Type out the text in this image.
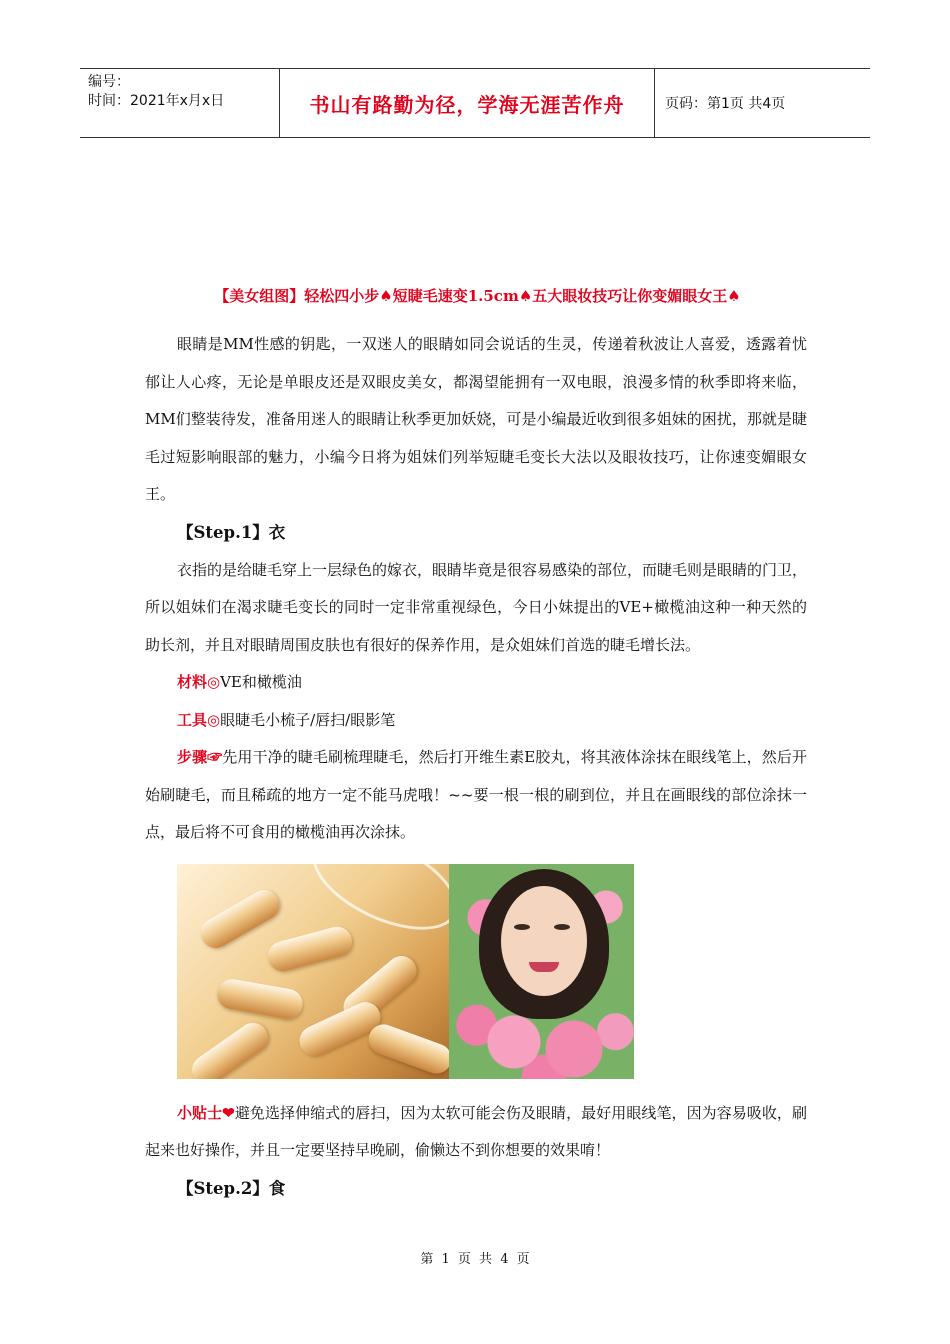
编号：
时间：2021年x月x日	书山有路勤为径，学海无涯苦作舟	页码：第1页 共4页
【美女组图】轻松四小步♠短睫毛速变1.5cm♠五大眼妆技巧让你变媚眼女王♠

眼睛是MM性感的钥匙，一双迷人的眼睛如同会说话的生灵，传递着秋波让人喜爱，透露着忧郁让人心疼，无论是单眼皮还是双眼皮美女，都渴望能拥有一双电眼，浪漫多情的秋季即将来临，MM们整装待发，准备用迷人的眼睛让秋季更加妖娆，可是小编最近收到很多姐妹的困扰，那就是睫毛过短影响眼部的魅力，小编今日将为姐妹们列举短睫毛变长大法以及眼妆技巧，让你速变媚眼女王。

【Step.1】衣

衣指的是给睫毛穿上一层绿色的嫁衣，眼睛毕竟是很容易感染的部位，而睫毛则是眼睛的门卫，所以姐妹们在渴求睫毛变长的同时一定非常重视绿色，今日小妹提出的VE+橄榄油这种一种天然的助长剂，并且对眼睛周围皮肤也有很好的保养作用，是众姐妹们首选的睫毛增长法。

材料◎VE和橄榄油

工具◎眼睫毛小梳子/唇扫/眼影笔

步骤☞先用干净的睫毛刷梳理睫毛，然后打开维生素E胶丸，将其液体涂抹在眼线笔上，然后开始刷睫毛，而且稀疏的地方一定不能马虎哦！~~要一根一根的刷到位，并且在画眼线的部位涂抹一点，最后将不可食用的橄榄油再次涂抹。

小贴士❤避免选择伸缩式的唇扫，因为太软可能会伤及眼睛，最好用眼线笔，因为容易吸收，刷起来也好操作，并且一定要坚持早晚刷，偷懒达不到你想要的效果唷！

【Step.2】食
第 1 页 共 4 页
